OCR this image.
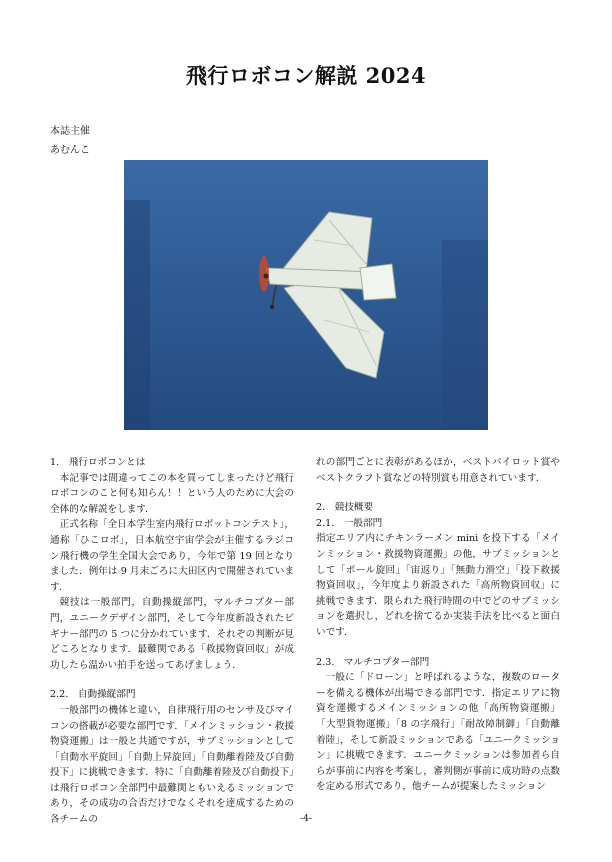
飛行ロボコン解説 2024
本誌主催
あむんこ
1.　飛行ロボコンとは

本記事では間違ってこの本を買ってしまったけど飛行ロボコンのこと何も知らん！！という人のために大会の全体的な解説をします．

正式名称「全日本学生室内飛行ロボットコンテスト」，通称「ひこロボ」，日本航空宇宙学会が主催するラジコン飛行機の学生全国大会であり，今年で第 19 回となりました．例年は 9 月末ごろに大田区内で開催されています．

競技は一般部門，自動操縦部門，マルチコプター部門，ユニークデザイン部門，そして今年度新設されたビギナー部門の 5 つに分かれています．それぞの判断が見どころとなります．最難関である「救援物資回収」が成功したら温かい拍手を送ってあげましょう．

2.2.　自動操縦部門

一般部門の機体と違い，自律飛行用のセンサ及びマイコンの搭載が必要な部門です．「メインミッション・救援物資運搬」は一般と共通ですが，サブミッションとして「自動水平旋回」「自動上昇旋回」「自動離着陸及び自動投下」に挑戦できます．特に「自動離着陸及び自動投下」は飛行ロボコン全部門中最難関ともいえるミッションであり，その成功の合否だけでなくそれを達成するための各チームの

れの部門ごとに表彰があるほか，ベストパイロット賞やベストクラフト賞などの特別賞も用意されています．

2.　競技概要
2.1.　一般部門

指定エリア内にチキンラーメン mini を投下する「メインミッション・救援物資運搬」の他，サブミッションとして「ポール旋回」「宙返り」「無動力滑空」「投下救援物資回収」，今年度より新設された「高所物資回収」に挑戦できます．限られた飛行時間の中でどのサブミッションを選択し，どれを捨てるか実装手法を比べると面白いです．

2.3.　マルチコプター部門

一般に「ドローン」と呼ばれるような，複数のローターを備える機体が出場できる部門です．指定エリアに物資を運搬するメインミッションの他「高所物資運搬」「大型貨物運搬」「8 の字飛行」「耐故障制御」「自動離着陸」，そして新設ミッションである「ユニークミッション」に挑戦できます．ユニークミッションは参加者ら自らが事前に内容を考案し，審判側が事前に成功時の点数を定める形式であり，他チームが提案したミッション

-4-
